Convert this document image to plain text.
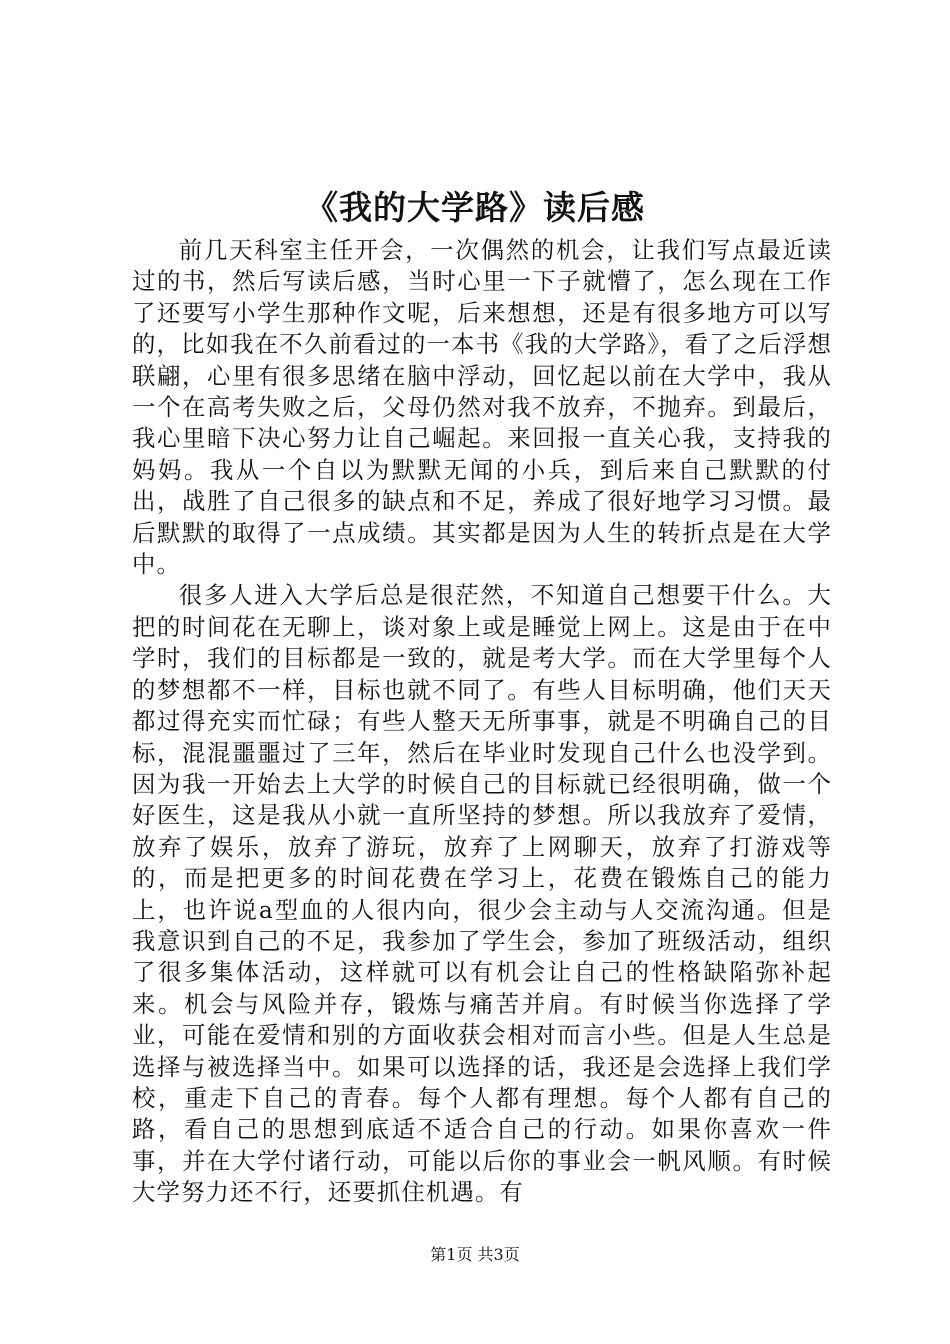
《我的大学路》读后感

前几天科室主任开会，一次偶然的机会，让我们写点最近读过的书，然后写读后感，当时心里一下子就懵了，怎么现在工作了还要写小学生那种作文呢，后来想想，还是有很多地方可以写的，比如我在不久前看过的一本书《我的大学路》，看了之后浮想联翩，心里有很多思绪在脑中浮动，回忆起以前在大学中，我从一个在高考失败之后，父母仍然对我不放弃，不抛弃。到最后，我心里暗下决心努力让自己崛起。来回报一直关心我，支持我的妈妈。我从一个自以为默默无闻的小兵，到后来自己默默的付出，战胜了自己很多的缺点和不足，养成了很好地学习习惯。最后默默的取得了一点成绩。其实都是因为人生的转折点是在大学中。

很多人进入大学后总是很茫然，不知道自己想要干什么。大把的时间花在无聊上，谈对象上或是睡觉上网上。这是由于在中学时，我们的目标都是一致的，就是考大学。而在大学里每个人的梦想都不一样，目标也就不同了。有些人目标明确，他们天天都过得充实而忙碌；有些人整天无所事事，就是不明确自己的目标，混混噩噩过了三年，然后在毕业时发现自己什么也没学到。因为我一开始去上大学的时候自己的目标就已经很明确，做一个好医生，这是我从小就一直所坚持的梦想。所以我放弃了爱情，放弃了娱乐，放弃了游玩，放弃了上网聊天，放弃了打游戏等的，而是把更多的时间花费在学习上，花费在锻炼自己的能力上，也许说a型血的人很内向，很少会主动与人交流沟通。但是我意识到自己的不足，我参加了学生会，参加了班级活动，组织了很多集体活动，这样就可以有机会让自己的性格缺陷弥补起来。机会与风险并存，锻炼与痛苦并肩。有时候当你选择了学业，可能在爱情和别的方面收获会相对而言小些。但是人生总是选择与被选择当中。如果可以选择的话，我还是会选择上我们学校，重走下自己的青春。每个人都有理想。每个人都有自己的路，看自己的思想到底适不适合自己的行动。如果你喜欢一件事，并在大学付诸行动，可能以后你的事业会一帆风顺。有时候大学努力还不行，还要抓住机遇。有

第1页 共3页
